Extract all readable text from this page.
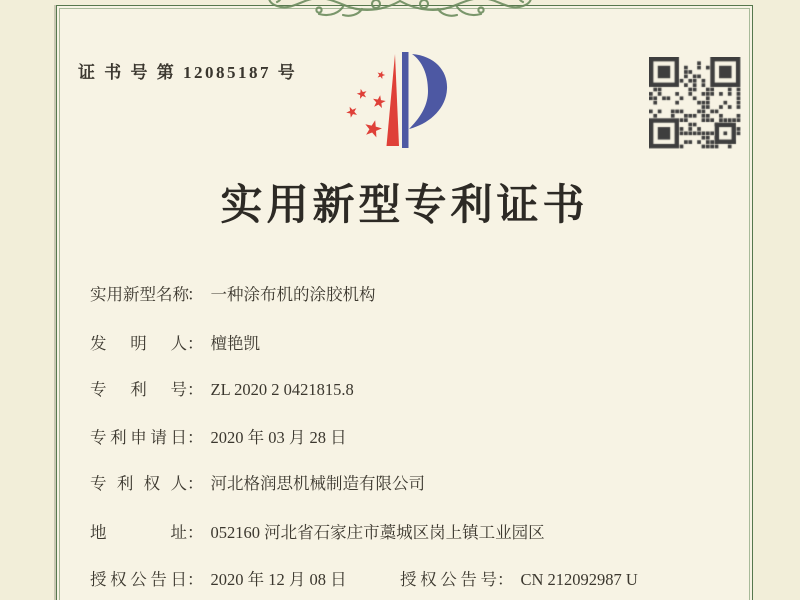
证 书 号 第 12085187 号
实用新型专利证书
实 用 新 型 名 称
： 一种涂布机的涂胶机构
发 明 人 ： 檀艳凯
专 利 号 ： ZL 2020 2 0421815.8
专 利 申 请 日 ： 2020 年 03 月 28 日
专 利 权 人 ： 河北格润思机械制造有限公司
地	址 ： 052160 河北省石家庄市藁城区岗上镇工业园区
授 权 公 告 日 ： 2020 年 12 月 08 日	授 权 公 告 号 ： CN 212092987 U
